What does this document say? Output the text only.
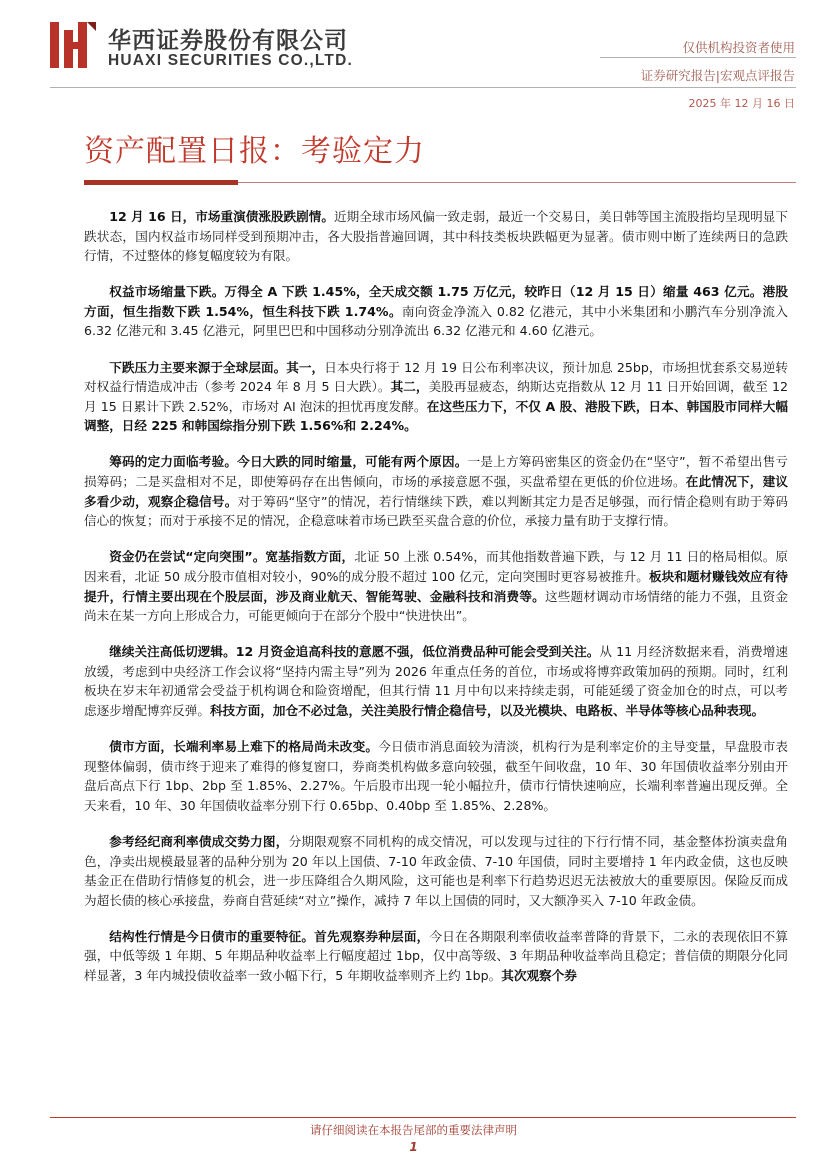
华西证券股份有限公司
HUAXI SECURITIES CO.,LTD.
仅供机构投资者使用
证券研究报告|宏观点评报告
2025 年 12 月 16 日
资产配置日报：考验定力

12 月 16 日，市场重演债涨股跌剧情。近期全球市场风偏一致走弱，最近一个交易日，美日韩等国主流股指均呈现明显下跌状态，国内权益市场同样受到预期冲击，各大股指普遍回调，其中科技类板块跌幅更为显著。债市则中断了连续两日的急跌行情，不过整体的修复幅度较为有限。

权益市场缩量下跌。万得全 A 下跌 1.45%，全天成交额 1.75 万亿元，较昨日（12 月 15 日）缩量 463 亿元。港股方面，恒生指数下跌 1.54%，恒生科技下跌 1.74%。南向资金净流入 0.82 亿港元，其中小米集团和小鹏汽车分别净流入 6.32 亿港元和 3.45 亿港元，阿里巴巴和中国移动分别净流出 6.32 亿港元和 4.60 亿港元。

下跌压力主要来源于全球层面。其一，日本央行将于 12 月 19 日公布利率决议，预计加息 25bp，市场担忧套系交易逆转对权益行情造成冲击（参考 2024 年 8 月 5 日大跌）。其二，美股再显疲态，纳斯达克指数从 12 月 11 日开始回调，截至 12 月 15 日累计下跌 2.52%，市场对 AI 泡沫的担忧再度发酵。在这些压力下，不仅 A 股、港股下跌，日本、韩国股市同样大幅调整，日经 225 和韩国综指分别下跌 1.56%和 2.24%。

筹码的定力面临考验。今日大跌的同时缩量，可能有两个原因。一是上方筹码密集区的资金仍在“坚守”，暂不希望出售亏损筹码；二是买盘相对不足，即使筹码存在出售倾向，市场的承接意愿不强，买盘希望在更低的价位进场。在此情况下，建议多看少动，观察企稳信号。对于筹码“坚守”的情况，若行情继续下跌，难以判断其定力是否足够强，而行情企稳则有助于筹码信心的恢复；而对于承接不足的情况，企稳意味着市场已跌至买盘合意的价位，承接力量有助于支撑行情。

资金仍在尝试“定向突围”。宽基指数方面，北证 50 上涨 0.54%，而其他指数普遍下跌，与 12 月 11 日的格局相似。原因来看，北证 50 成分股市值相对较小，90%的成分股不超过 100 亿元，定向突围时更容易被推升。板块和题材赚钱效应有待提升，行情主要出现在个股层面，涉及商业航天、智能驾驶、金融科技和消费等。这些题材调动市场情绪的能力不强，且资金尚未在某一方向上形成合力，可能更倾向于在部分个股中“快进快出”。

继续关注高低切逻辑。12 月资金追高科技的意愿不强，低位消费品种可能会受到关注。从 11 月经济数据来看，消费增速放缓，考虑到中央经济工作会议将“坚持内需主导”列为 2026 年重点任务的首位，市场或将博弈政策加码的预期。同时，红利板块在岁末年初通常会受益于机构调仓和险资增配，但其行情 11 月中旬以来持续走弱，可能延缓了资金加仓的时点，可以考虑逐步增配博弈反弹。科技方面，加仓不必过急，关注美股行情企稳信号，以及光模块、电路板、半导体等核心品种表现。

债市方面，长端利率易上难下的格局尚未改变。今日债市消息面较为清淡，机构行为是利率定价的主导变量，早盘股市表现整体偏弱，债市终于迎来了难得的修复窗口，券商类机构做多意向较强，截至午间收盘，10 年、30 年国债收益率分别由开盘后高点下行 1bp、2bp 至 1.85%、2.27%。午后股市出现一轮小幅拉升，债市行情快速响应，长端利率普遍出现反弹。全天来看，10 年、30 年国债收益率分别下行 0.65bp、0.40bp 至 1.85%、2.28%。

参考经纪商利率债成交势力图，分期限观察不同机构的成交情况，可以发现与过往的下行行情不同，基金整体扮演卖盘角色，净卖出规模最显著的品种分别为 20 年以上国债、7-10 年政金债、7-10 年国债，同时主要增持 1 年内政金债，这也反映基金正在借助行情修复的机会，进一步压降组合久期风险，这可能也是利率下行趋势迟迟无法被放大的重要原因。保险反而成为超长债的核心承接盘，券商自营延续“对立”操作，减持 7 年以上国债的同时，又大额净买入 7-10 年政金债。

结构性行情是今日债市的重要特征。首先观察券种层面，今日在各期限利率债收益率普降的背景下，二永的表现依旧不算强，中低等级 1 年期、5 年期品种收益率上行幅度超过 1bp，仅中高等级、3 年期品种收益率尚且稳定；普信债的期限分化同样显著，3 年内城投债收益率一致小幅下行，5 年期收益率则齐上约 1bp。其次观察个券

请仔细阅读在本报告尾部的重要法律声明
1
